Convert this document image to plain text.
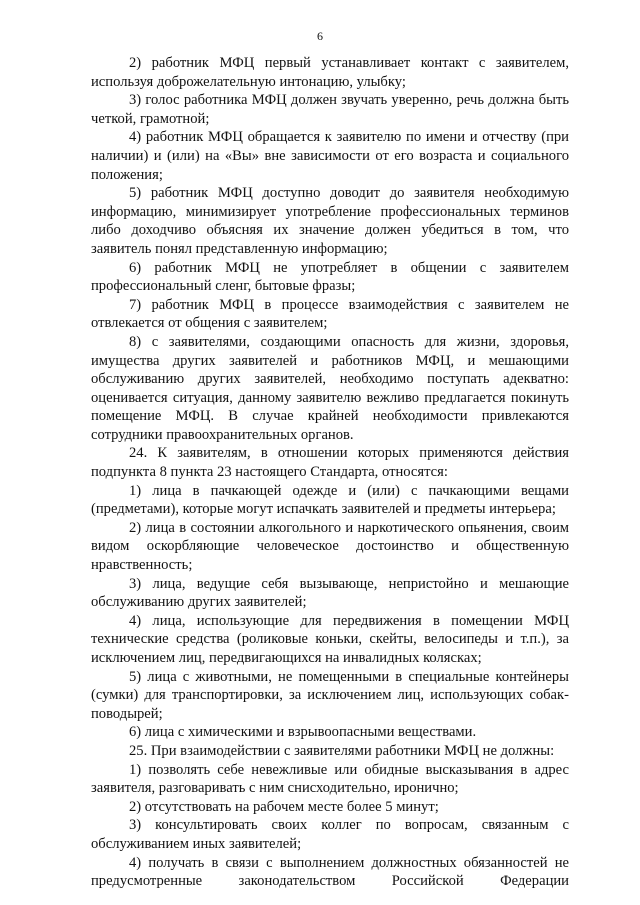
6

2) работник МФЦ первый устанавливает контакт с заявителем, используя доброжелательную интонацию, улыбку;

3) голос работника МФЦ должен звучать уверенно, речь должна быть четкой, грамотной;

4) работник МФЦ обращается к заявителю по имени и отчеству (при наличии) и (или) на «Вы» вне зависимости от его возраста и социального положения;

5) работник МФЦ доступно доводит до заявителя необходимую информацию, минимизирует употребление профессиональных терминов либо доходчиво объясняя их значение должен убедиться в том, что заявитель понял представленную информацию;

6) работник МФЦ не употребляет в общении с заявителем профессиональный сленг, бытовые фразы;

7) работник МФЦ в процессе взаимодействия с заявителем не отвлекается от общения с заявителем;

8) с заявителями, создающими опасность для жизни, здоровья, имущества других заявителей и работников МФЦ, и мешающими обслуживанию других заявителей, необходимо поступать адекватно: оценивается ситуация, данному заявителю вежливо предлагается покинуть помещение МФЦ. В случае крайней необходимости привлекаются сотрудники правоохранительных органов.

24. К заявителям, в отношении которых применяются действия подпункта 8 пункта 23 настоящего Стандарта, относятся:

1) лица в пачкающей одежде и (или) с пачкающими вещами (предметами), которые могут испачкать заявителей и предметы интерьера;

2) лица в состоянии алкогольного и наркотического опьянения, своим видом оскорбляющие человеческое достоинство и общественную нравственность;

3) лица, ведущие себя вызывающе, непристойно и мешающие обслуживанию других заявителей;

4) лица, использующие для передвижения в помещении МФЦ технические средства (роликовые коньки, скейты, велосипеды и т.п.), за исключением лиц, передвигающихся на инвалидных колясках;

5) лица с животными, не помещенными в специальные контейнеры (сумки) для транспортировки, за исключением лиц, использующих собак-поводырей;

6) лица с химическими и взрывоопасными веществами.

25. При взаимодействии с заявителями работники МФЦ не должны:

1) позволять себе невежливые или обидные высказывания в адрес заявителя, разговаривать с ним снисходительно, иронично;

2) отсутствовать на рабочем месте более 5 минут;

3) консультировать своих коллег по вопросам, связанным с обслуживанием иных заявителей;

4) получать в связи с выполнением должностных обязанностей не предусмотренные законодательством Российской Федерации
